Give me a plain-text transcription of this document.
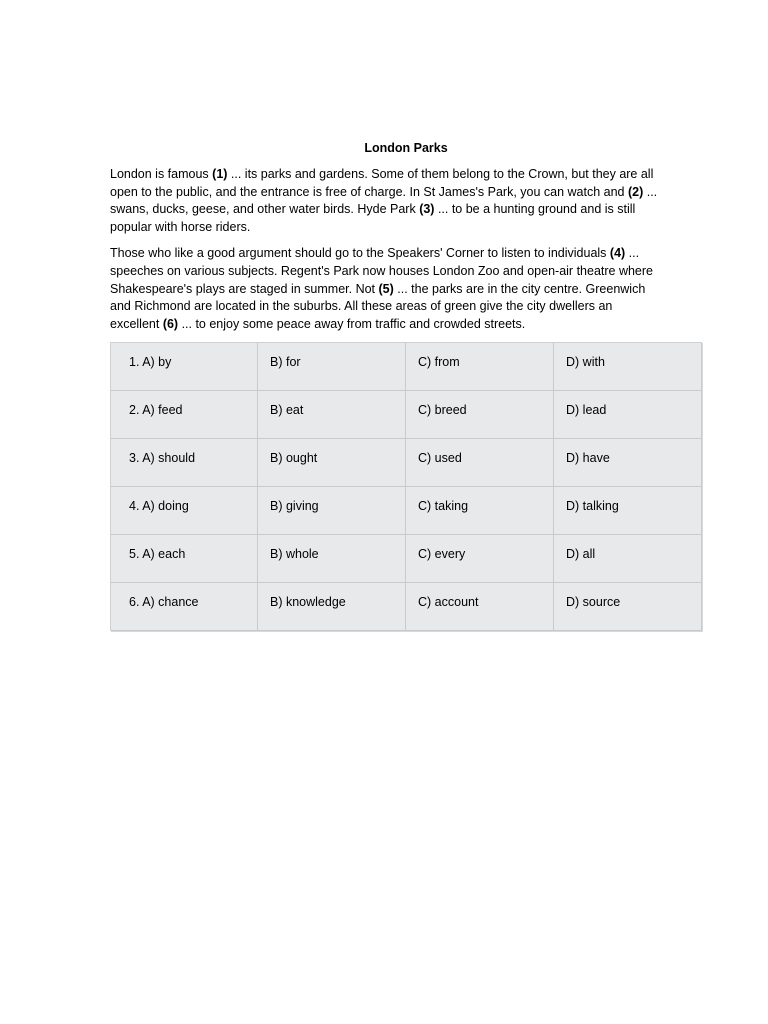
London Parks

London is famous (1) ... its parks and gardens. Some of them belong to the Crown, but they are all open to the public, and the entrance is free of charge. In St James's Park, you can watch and (2) ... swans, ducks, geese, and other water birds. Hyde Park (3) ... to be a hunting ground and is still popular with horse riders.

Those who like a good argument should go to the Speakers' Corner to listen to individuals (4) ... speeches on various subjects. Regent's Park now houses London Zoo and open-air theatre where Shakespeare's plays are staged in summer. Not (5) ... the parks are in the city centre. Greenwich and Richmond are located in the suburbs. All these areas of green give the city dwellers an excellent (6) ... to enjoy some peace away from traffic and crowded streets.

1. A) by	B) for	C) from	D) with

2. A) feed	B) eat	C) breed	D) lead

3. A) should	B) ought	C) used	D) have

4. A) doing	B) giving	C) taking	D) talking

5. A) each	B) whole	C) every	D) all

6. A) chance	B) knowledge	C) account	D) source
